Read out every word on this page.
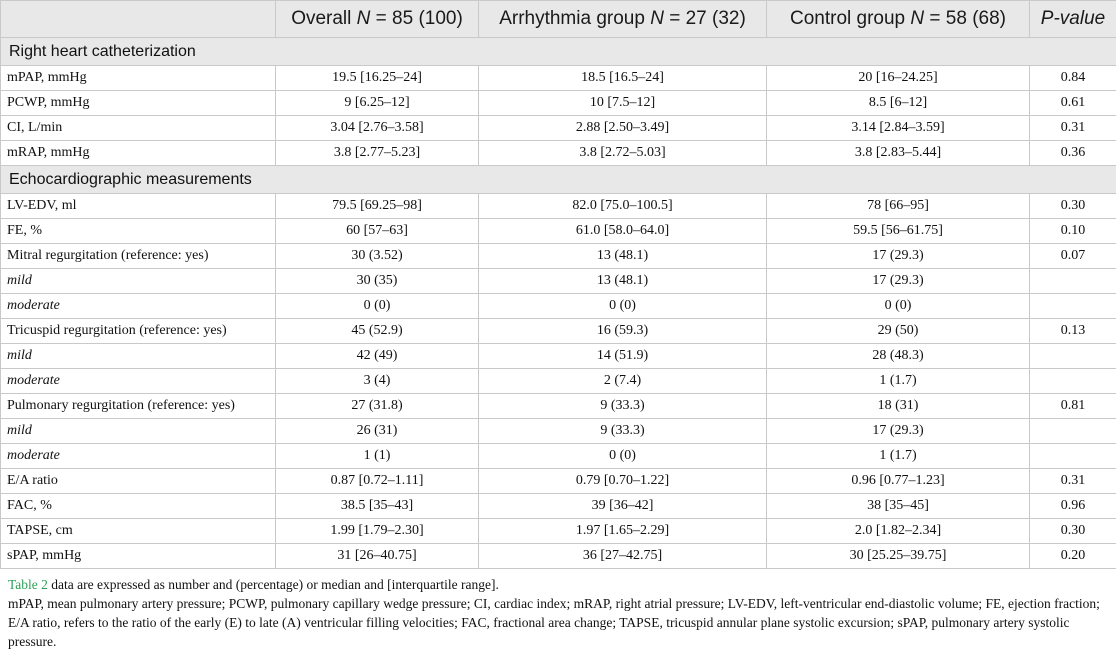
	Overall N = 85 (100)	Arrhythmia group N = 27 (32)	Control group N = 58 (68)	P-value
Right heart catheterization				
mPAP, mmHg	19.5 [16.25–24]	18.5 [16.5–24]	20 [16–24.25]	0.84
PCWP, mmHg	9 [6.25–12]	10 [7.5–12]	8.5 [6–12]	0.61
CI, L/min	3.04 [2.76–3.58]	2.88 [2.50–3.49]	3.14 [2.84–3.59]	0.31
mRAP, mmHg	3.8 [2.77–5.23]	3.8 [2.72–5.03]	3.8 [2.83–5.44]	0.36
Echocardiographic measurements				
LV-EDV, ml	79.5 [69.25–98]	82.0 [75.0–100.5]	78 [66–95]	0.30
FE, %	60 [57–63]	61.0 [58.0–64.0]	59.5 [56–61.75]	0.10
Mitral regurgitation (reference: yes)	30 (3.52)	13 (48.1)	17 (29.3)	0.07
mild	30 (35)	13 (48.1)	17 (29.3)	
moderate	0 (0)	0 (0)	0 (0)	
Tricuspid regurgitation (reference: yes)	45 (52.9)	16 (59.3)	29 (50)	0.13
mild	42 (49)	14 (51.9)	28 (48.3)	
moderate	3 (4)	2 (7.4)	1 (1.7)	
Pulmonary regurgitation (reference: yes)	27 (31.8)	9 (33.3)	18 (31)	0.81
mild	26 (31)	9 (33.3)	17 (29.3)	
moderate	1 (1)	0 (0)	1 (1.7)	
E/A ratio	0.87 [0.72–1.11]	0.79 [0.70–1.22]	0.96 [0.77–1.23]	0.31
FAC, %	38.5 [35–43]	39 [36–42]	38 [35–45]	0.96
TAPSE, cm	1.99 [1.79–2.30]	1.97 [1.65–2.29]	2.0 [1.82–2.34]	0.30
sPAP, mmHg	31 [26–40.75]	36 [27–42.75]	30 [25.25–39.75]	0.20
Table 2 data are expressed as number and (percentage) or median and [interquartile range].
mPAP, mean pulmonary artery pressure; PCWP, pulmonary capillary wedge pressure; CI, cardiac index; mRAP, right atrial pressure; LV-EDV, left-ventricular end-diastolic volume; FE, ejection fraction; E/A ratio, refers to the ratio of the early (E) to late (A) ventricular filling velocities; FAC, fractional area change; TAPSE, tricuspid annular plane systolic excursion; sPAP, pulmonary artery systolic pressure.
